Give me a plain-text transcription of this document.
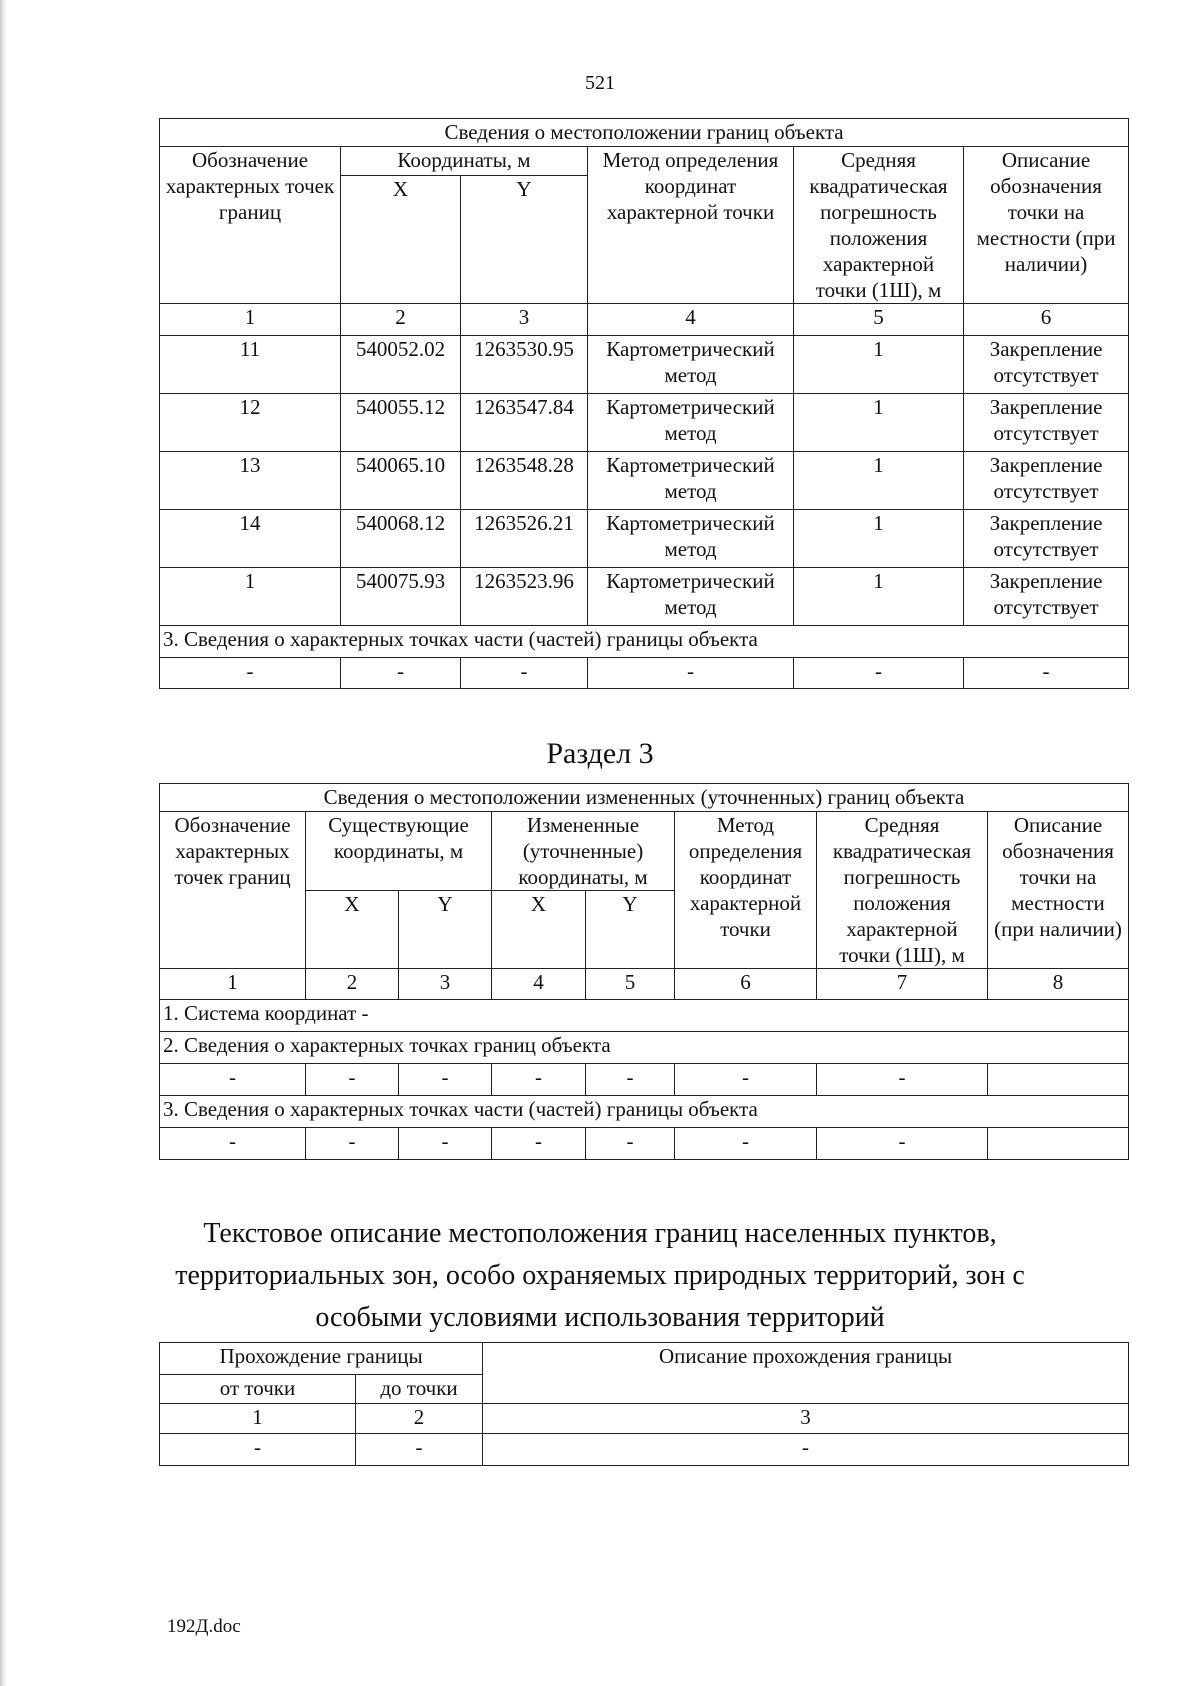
521
Сведения о местоположении границ объекта					
Обозначение характерных точек границ	Координаты, м		Метод определения координат характерной точки	Средняя квадратическая погрешность положения характерной точки (1Ш), м	Описание обозначения точки на местности (при наличии)
	X	Y			
1	2	3	4	5	6
11	540052.02	1263530.95	Картометрический метод	1	Закрепление отсутствует
12	540055.12	1263547.84	Картометрический метод	1	Закрепление отсутствует
13	540065.10	1263548.28	Картометрический метод	1	Закрепление отсутствует
14	540068.12	1263526.21	Картометрический метод	1	Закрепление отсутствует
1	540075.93	1263523.96	Картометрический метод	1	Закрепление отсутствует
3. Сведения о характерных точках части (частей) границы объекта					
-	-	-	-	-	-
Раздел 3
Сведения о местоположении измененных (уточненных) границ объекта							
Обозначение характерных точек границ	Существующие координаты, м		Измененные (уточненные) координаты, м		Метод определения координат характерной точки	Средняя квадратическая погрешность положения характерной точки (1Ш), м	Описание обозначения точки на местности (при наличии)
	X	Y	X	Y			
1	2	3	4	5	6	7	8
1. Система координат -							
2. Сведения о характерных точках границ объекта							
-	-	-	-	-	-	-	
3. Сведения о характерных точках части (частей) границы объекта							
-	-	-	-	-	-	-	
Текстовое описание местоположения границ населенных пунктов,
территориальных зон, особо охраняемых природных территорий, зон с
особыми условиями использования территорий
Прохождение границы		Описание прохождения границы
от точки	до точки	
1	2	3
-	-	-
192Д.doc
